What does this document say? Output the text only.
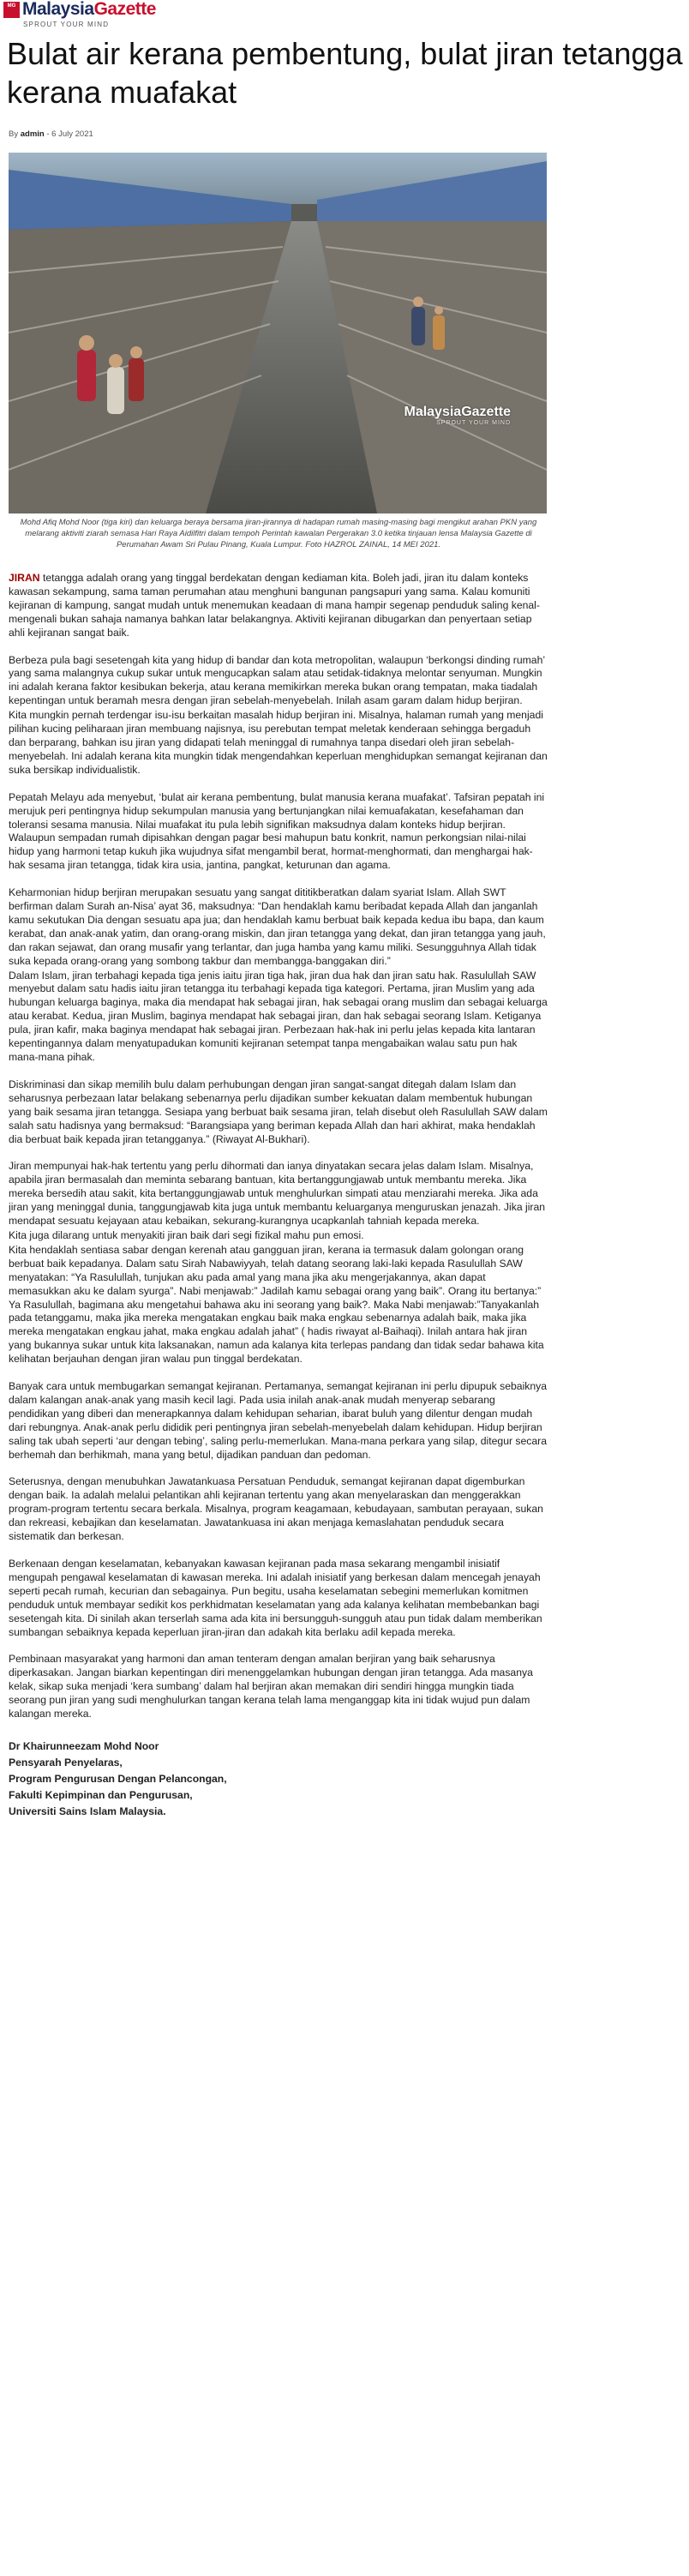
MG MalaysiaGazette
SPROUT YOUR MIND
Bulat air kerana pembentung, bulat jiran tetangga kerana muafakat
By admin - 6 July 2021
MalaysiaGazette
SPROUT YOUR MIND
Mohd Afiq Mohd Noor (tiga kiri) dan keluarga beraya bersama jiran-jirannya di hadapan rumah masing-masing bagi mengikut arahan PKN yang melarang aktiviti ziarah semasa Hari Raya Aidilfitri dalam tempoh Perintah kawalan Pergerakan 3.0 ketika tinjauan lensa Malaysia Gazette di Perumahan Awam Sri Pulau Pinang, Kuala Lumpur. Foto HAZROL ZAINAL, 14 MEI 2021.

JIRAN tetangga adalah orang yang tinggal berdekatan dengan kediaman kita. Boleh jadi, jiran itu dalam konteks kawasan sekampung, sama taman perumahan atau menghuni bangunan pangsapuri yang sama. Kalau komuniti kejiranan di kampung, sangat mudah untuk menemukan keadaan di mana hampir segenap penduduk saling kenal-mengenali bukan sahaja namanya bahkan latar belakangnya. Aktiviti kejiranan dibugarkan dan penyertaan setiap ahli kejiranan sangat baik.

Berbeza pula bagi sesetengah kita yang hidup di bandar dan kota metropolitan, walaupun ‘berkongsi dinding rumah’ yang sama malangnya cukup sukar untuk mengucapkan salam atau setidak-tidaknya melontar senyuman. Mungkin ini adalah kerana faktor kesibukan bekerja, atau kerana memikirkan mereka bukan orang tempatan, maka tiadalah kepentingan untuk beramah mesra dengan jiran sebelah-menyebelah. Inilah asam garam dalam hidup berjiran.

Kita mungkin pernah terdengar isu-isu berkaitan masalah hidup berjiran ini. Misalnya, halaman rumah yang menjadi pilihan kucing peliharaan jiran membuang najisnya, isu perebutan tempat meletak kenderaan sehingga bergaduh dan berparang, bahkan isu jiran yang didapati telah meninggal di rumahnya tanpa disedari oleh jiran sebelah-menyebelah. Ini adalah kerana kita mungkin tidak mengendahkan keperluan menghidupkan semangat kejiranan dan suka bersikap individualistik.

Pepatah Melayu ada menyebut, ‘bulat air kerana pembentung, bulat manusia kerana muafakat’. Tafsiran pepatah ini merujuk peri pentingnya hidup sekumpulan manusia yang bertunjangkan nilai kemuafakatan, kesefahaman dan toleransi sesama manusia. Nilai muafakat itu pula lebih signifikan maksudnya dalam konteks hidup berjiran. Walaupun sempadan rumah dipisahkan dengan pagar besi mahupun batu konkrit, namun perkongsian nilai-nilai hidup yang harmoni tetap kukuh jika wujudnya sifat mengambil berat, hormat-menghormati, dan menghargai hak-hak sesama jiran tetangga, tidak kira usia, jantina, pangkat, keturunan dan agama.

Keharmonian hidup berjiran merupakan sesuatu yang sangat dititikberatkan dalam syariat Islam. Allah SWT berfirman dalam Surah an-Nisa’ ayat 36, maksudnya: “Dan hendaklah kamu beribadat kepada Allah dan janganlah kamu sekutukan Dia dengan sesuatu apa jua; dan hendaklah kamu berbuat baik kepada kedua ibu bapa, dan kaum kerabat, dan anak-anak yatim, dan orang-orang miskin, dan jiran tetangga yang dekat, dan jiran tetangga yang jauh, dan rakan sejawat, dan orang musafir yang terlantar, dan juga hamba yang kamu miliki. Sesungguhnya Allah tidak suka kepada orang-orang yang sombong takbur dan membangga-banggakan diri.”

Dalam Islam, jiran terbahagi kepada tiga jenis iaitu jiran tiga hak, jiran dua hak dan jiran satu hak. Rasulullah SAW menyebut dalam satu hadis iaitu jiran tetangga itu terbahagi kepada tiga kategori. Pertama, jiran Muslim yang ada hubungan keluarga baginya, maka dia mendapat hak sebagai jiran, hak sebagai orang muslim dan sebagai keluarga atau kerabat. Kedua, jiran Muslim, baginya mendapat hak sebagai jiran, dan hak sebagai seorang Islam. Ketiganya pula, jiran kafir, maka baginya mendapat hak sebagai jiran. Perbezaan hak-hak ini perlu jelas kepada kita lantaran kepentingannya dalam menyatupadukan komuniti kejiranan setempat tanpa mengabaikan walau satu pun hak mana-mana pihak.

Diskriminasi dan sikap memilih bulu dalam perhubungan dengan jiran sangat-sangat ditegah dalam Islam dan seharusnya perbezaan latar belakang sebenarnya perlu dijadikan sumber kekuatan dalam membentuk hubungan yang baik sesama jiran tetangga. Sesiapa yang berbuat baik sesama jiran, telah disebut oleh Rasulullah SAW dalam salah satu hadisnya yang bermaksud: “Barangsiapa yang beriman kepada Allah dan hari akhirat, maka hendaklah dia berbuat baik kepada jiran tetangganya.” (Riwayat Al-Bukhari).

Jiran mempunyai hak-hak tertentu yang perlu dihormati dan ianya dinyatakan secara jelas dalam Islam. Misalnya, apabila jiran bermasalah dan meminta sebarang bantuan, kita bertanggungjawab untuk membantu mereka. Jika mereka bersedih atau sakit, kita bertanggungjawab untuk menghulurkan simpati atau menziarahi mereka. Jika ada jiran yang meninggal dunia, tanggungjawab kita juga untuk membantu keluarganya menguruskan jenazah. Jika jiran mendapat sesuatu kejayaan atau kebaikan, sekurang-kurangnya ucapkanlah tahniah kepada mereka.

Kita juga dilarang untuk menyakiti jiran baik dari segi fizikal mahu pun emosi.

Kita hendaklah sentiasa sabar dengan kerenah atau gangguan jiran, kerana ia termasuk dalam golongan orang berbuat baik kepadanya. Dalam satu Sirah Nabawiyyah, telah datang seorang laki-laki kepada Rasulullah SAW menyatakan: “Ya Rasulullah, tunjukan aku pada amal yang mana jika aku mengerjakannya, akan dapat memasukkan aku ke dalam syurga”. Nabi menjawab:” Jadilah kamu sebagai orang yang baik”. Orang itu bertanya:” Ya Rasulullah, bagimana aku mengetahui bahawa aku ini seorang yang baik?. Maka Nabi menjawab:”Tanyakanlah pada tetanggamu, maka jika mereka mengatakan engkau baik maka engkau sebenarnya adalah baik, maka jika mereka mengatakan engkau jahat, maka engkau adalah jahat” ( hadis riwayat al-Baihaqi). Inilah antara hak jiran yang bukannya sukar untuk kita laksanakan, namun ada kalanya kita terlepas pandang dan tidak sedar bahawa kita kelihatan berjauhan dengan jiran walau pun tinggal berdekatan.

Banyak cara untuk membugarkan semangat kejiranan. Pertamanya, semangat kejiranan ini perlu dipupuk sebaiknya dalam kalangan anak-anak yang masih kecil lagi. Pada usia inilah anak-anak mudah menyerap sebarang pendidikan yang diberi dan menerapkannya dalam kehidupan seharian, ibarat buluh yang dilentur dengan mudah dari rebungnya. Anak-anak perlu dididik peri pentingnya jiran sebelah-menyebelah dalam kehidupan. Hidup berjiran saling tak ubah seperti ‘aur dengan tebing’, saling perlu-memerlukan. Mana-mana perkara yang silap, ditegur secara berhemah dan berhikmah, mana yang betul, dijadikan panduan dan pedoman.

Seterusnya, dengan menubuhkan Jawatankuasa Persatuan Penduduk, semangat kejiranan dapat digemburkan dengan baik. Ia adalah melalui pelantikan ahli kejiranan tertentu yang akan menyelaraskan dan menggerakkan program-program tertentu secara berkala. Misalnya, program keagamaan, kebudayaan, sambutan perayaan, sukan dan rekreasi, kebajikan dan keselamatan. Jawatankuasa ini akan menjaga kemaslahatan penduduk secara sistematik dan berkesan.

Berkenaan dengan keselamatan, kebanyakan kawasan kejiranan pada masa sekarang mengambil inisiatif mengupah pengawal keselamatan di kawasan mereka. Ini adalah inisiatif yang berkesan dalam mencegah jenayah seperti pecah rumah, kecurian dan sebagainya. Pun begitu, usaha keselamatan sebegini memerlukan komitmen penduduk untuk membayar sedikit kos perkhidmatan keselamatan yang ada kalanya kelihatan membebankan bagi sesetengah kita. Di sinilah akan terserlah sama ada kita ini bersungguh-sungguh atau pun tidak dalam memberikan sumbangan sebaiknya kepada keperluan jiran-jiran dan adakah kita berlaku adil kepada mereka.

Pembinaan masyarakat yang harmoni dan aman tenteram dengan amalan berjiran yang baik seharusnya diperkasakan. Jangan biarkan kepentingan diri menenggelamkan hubungan dengan jiran tetangga. Ada masanya kelak, sikap suka menjadi ‘kera sumbang’ dalam hal berjiran akan memakan diri sendiri hingga mungkin tiada seorang pun jiran yang sudi menghulurkan tangan kerana telah lama menganggap kita ini tidak wujud pun dalam kalangan mereka.

Dr Khairunneezam Mohd Noor
Pensyarah Penyelaras,
Program Pengurusan Dengan Pelancongan,
Fakulti Kepimpinan dan Pengurusan,
Universiti Sains Islam Malaysia.
